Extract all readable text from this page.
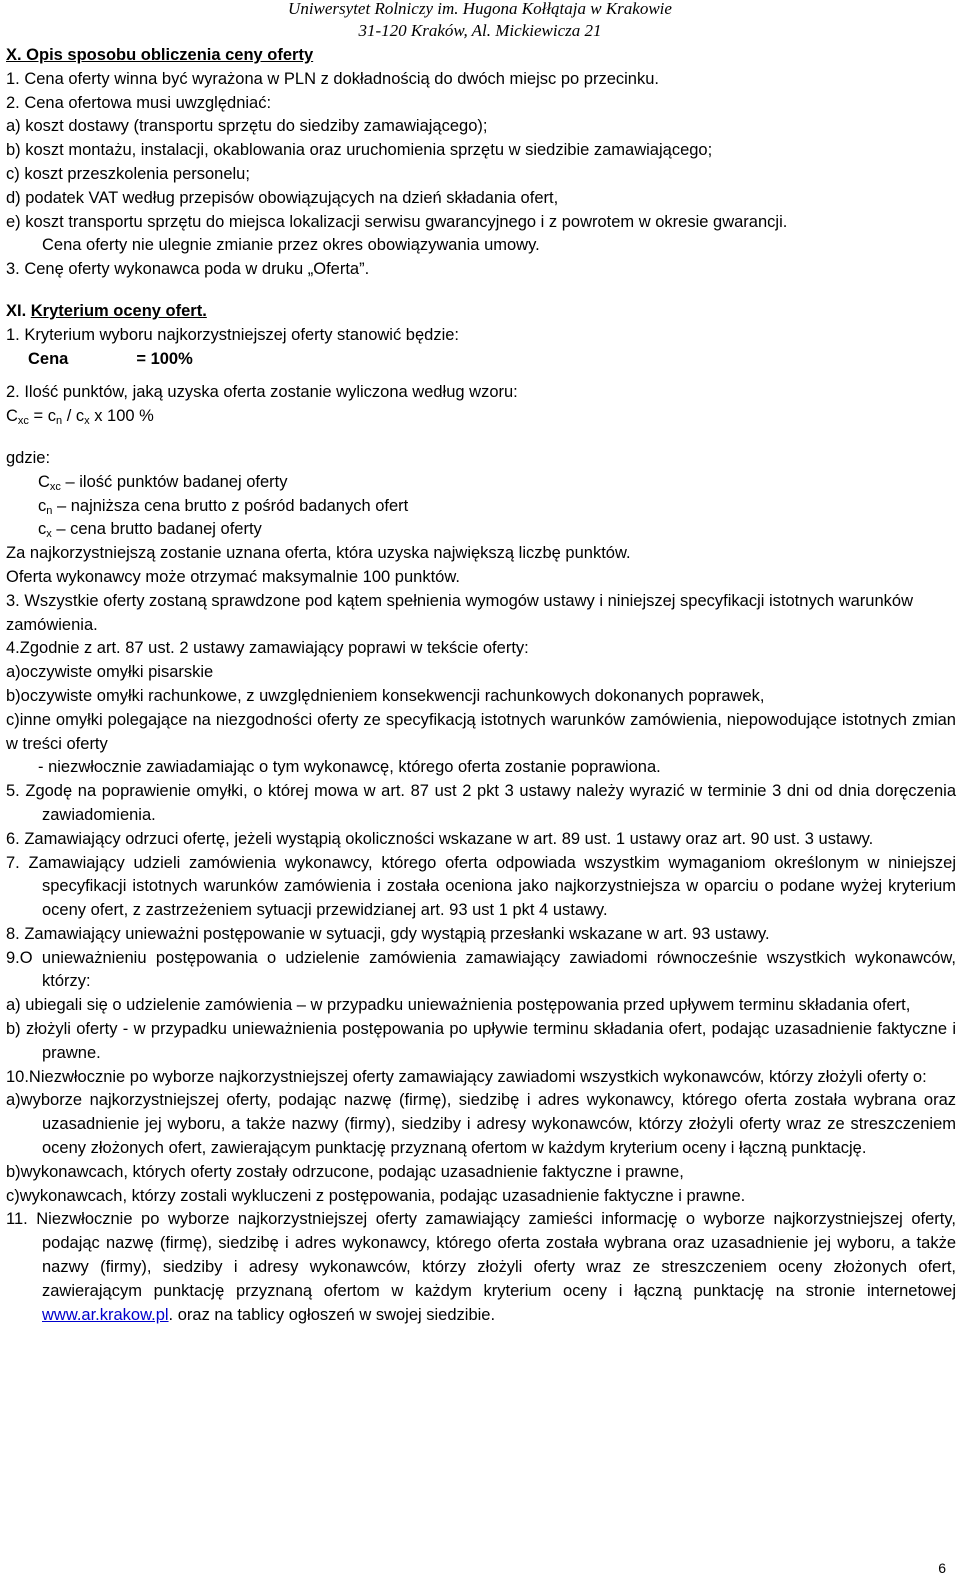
Uniwersytet Rolniczy im. Hugona Kołłątaja w Krakowie
31-120 Kraków, Al. Mickiewicza 21

X. Opis sposobu obliczenia ceny oferty

1. Cena oferty winna być wyrażona w PLN z dokładnością do dwóch miejsc po przecinku.

2. Cena ofertowa musi uwzględniać:

a) koszt dostawy (transportu sprzętu do siedziby zamawiającego);

b) koszt montażu, instalacji, okablowania oraz uruchomienia sprzętu w siedzibie zamawiającego;

c) koszt przeszkolenia personelu;

d) podatek VAT według przepisów obowiązujących na dzień składania ofert,

e) koszt transportu sprzętu do miejsca lokalizacji serwisu gwarancyjnego i z powrotem w okresie gwarancji.

Cena oferty nie ulegnie zmianie przez okres obowiązywania umowy.

3. Cenę oferty wykonawca poda w druku „Oferta”.

XI. Kryterium oceny ofert.

1. Kryterium wyboru najkorzystniejszej oferty stanowić będzie:

Cena	= 100%

2. Ilość punktów, jaką uzyska oferta zostanie wyliczona według wzoru:

$C_{xc} = c_n / c_x$ x 100 %

gdzie:

$C_{xc}$ – ilość punktów badanej oferty

$c_n$ – najniższa cena brutto z pośród badanych ofert

$c_x$ – cena brutto badanej oferty

Za najkorzystniejszą zostanie uznana oferta, która uzyska największą liczbę punktów.

Oferta wykonawcy może otrzymać maksymalnie 100 punktów.

3. Wszystkie oferty zostaną sprawdzone pod kątem spełnienia wymogów ustawy i niniejszej specyfikacji istotnych warunków zamówienia.

4.Zgodnie z art. 87 ust. 2 ustawy zamawiający poprawi w tekście oferty:

a)oczywiste omyłki pisarskie

b)oczywiste omyłki rachunkowe, z uwzględnieniem konsekwencji rachunkowych dokonanych poprawek,

c)inne omyłki polegające na niezgodności oferty ze specyfikacją istotnych warunków zamówienia, niepowodujące istotnych zmian w treści oferty

- niezwłocznie zawiadamiając o tym wykonawcę, którego oferta zostanie poprawiona.

5. Zgodę na poprawienie omyłki, o której mowa w art. 87 ust 2 pkt 3 ustawy należy wyrazić w terminie 3 dni od dnia doręczenia zawiadomienia.

6. Zamawiający odrzuci ofertę, jeżeli wystąpią okoliczności wskazane w art. 89 ust. 1 ustawy oraz art. 90 ust. 3 ustawy.

7. Zamawiający udzieli zamówienia wykonawcy, którego oferta odpowiada wszystkim wymaganiom określonym w niniejszej specyfikacji istotnych warunków zamówienia i została oceniona jako najkorzystniejsza w oparciu o podane wyżej kryterium oceny ofert, z zastrzeżeniem sytuacji przewidzianej art. 93 ust 1 pkt 4 ustawy.

8. Zamawiający unieważni postępowanie w sytuacji, gdy wystąpią przesłanki wskazane w art. 93 ustawy.

9.O unieważnieniu postępowania o udzielenie zamówienia zamawiający zawiadomi równocześnie wszystkich wykonawców, którzy:

a) ubiegali się o udzielenie zamówienia – w przypadku unieważnienia postępowania przed upływem terminu składania ofert,

b) złożyli oferty - w przypadku unieważnienia postępowania po upływie terminu składania ofert, podając uzasadnienie faktyczne i prawne.

10.Niezwłocznie po wyborze najkorzystniejszej oferty zamawiający zawiadomi wszystkich wykonawców, którzy złożyli oferty o:

a)wyborze najkorzystniejszej oferty, podając nazwę (firmę), siedzibę i adres wykonawcy, którego oferta została wybrana oraz uzasadnienie jej wyboru, a także nazwy (firmy), siedziby i adresy wykonawców, którzy złożyli oferty wraz ze streszczeniem oceny złożonych ofert, zawierającym punktację przyznaną ofertom w każdym kryterium oceny i łączną punktację.

b)wykonawcach, których oferty zostały odrzucone, podając uzasadnienie faktyczne i prawne,

c)wykonawcach, którzy zostali wykluczeni z postępowania, podając uzasadnienie faktyczne i prawne.

11. Niezwłocznie po wyborze najkorzystniejszej oferty zamawiający zamieści informację o wyborze najkorzystniejszej oferty, podając nazwę (firmę), siedzibę i adres wykonawcy, którego oferta została wybrana oraz uzasadnienie jej wyboru, a także nazwy (firmy), siedziby i adresy wykonawców, którzy złożyli oferty wraz ze streszczeniem oceny złożonych ofert, zawierającym punktację przyznaną ofertom w każdym kryterium oceny i łączną punktację na stronie internetowej www.ar.krakow.pl. oraz na tablicy ogłoszeń w swojej siedzibie.

6
